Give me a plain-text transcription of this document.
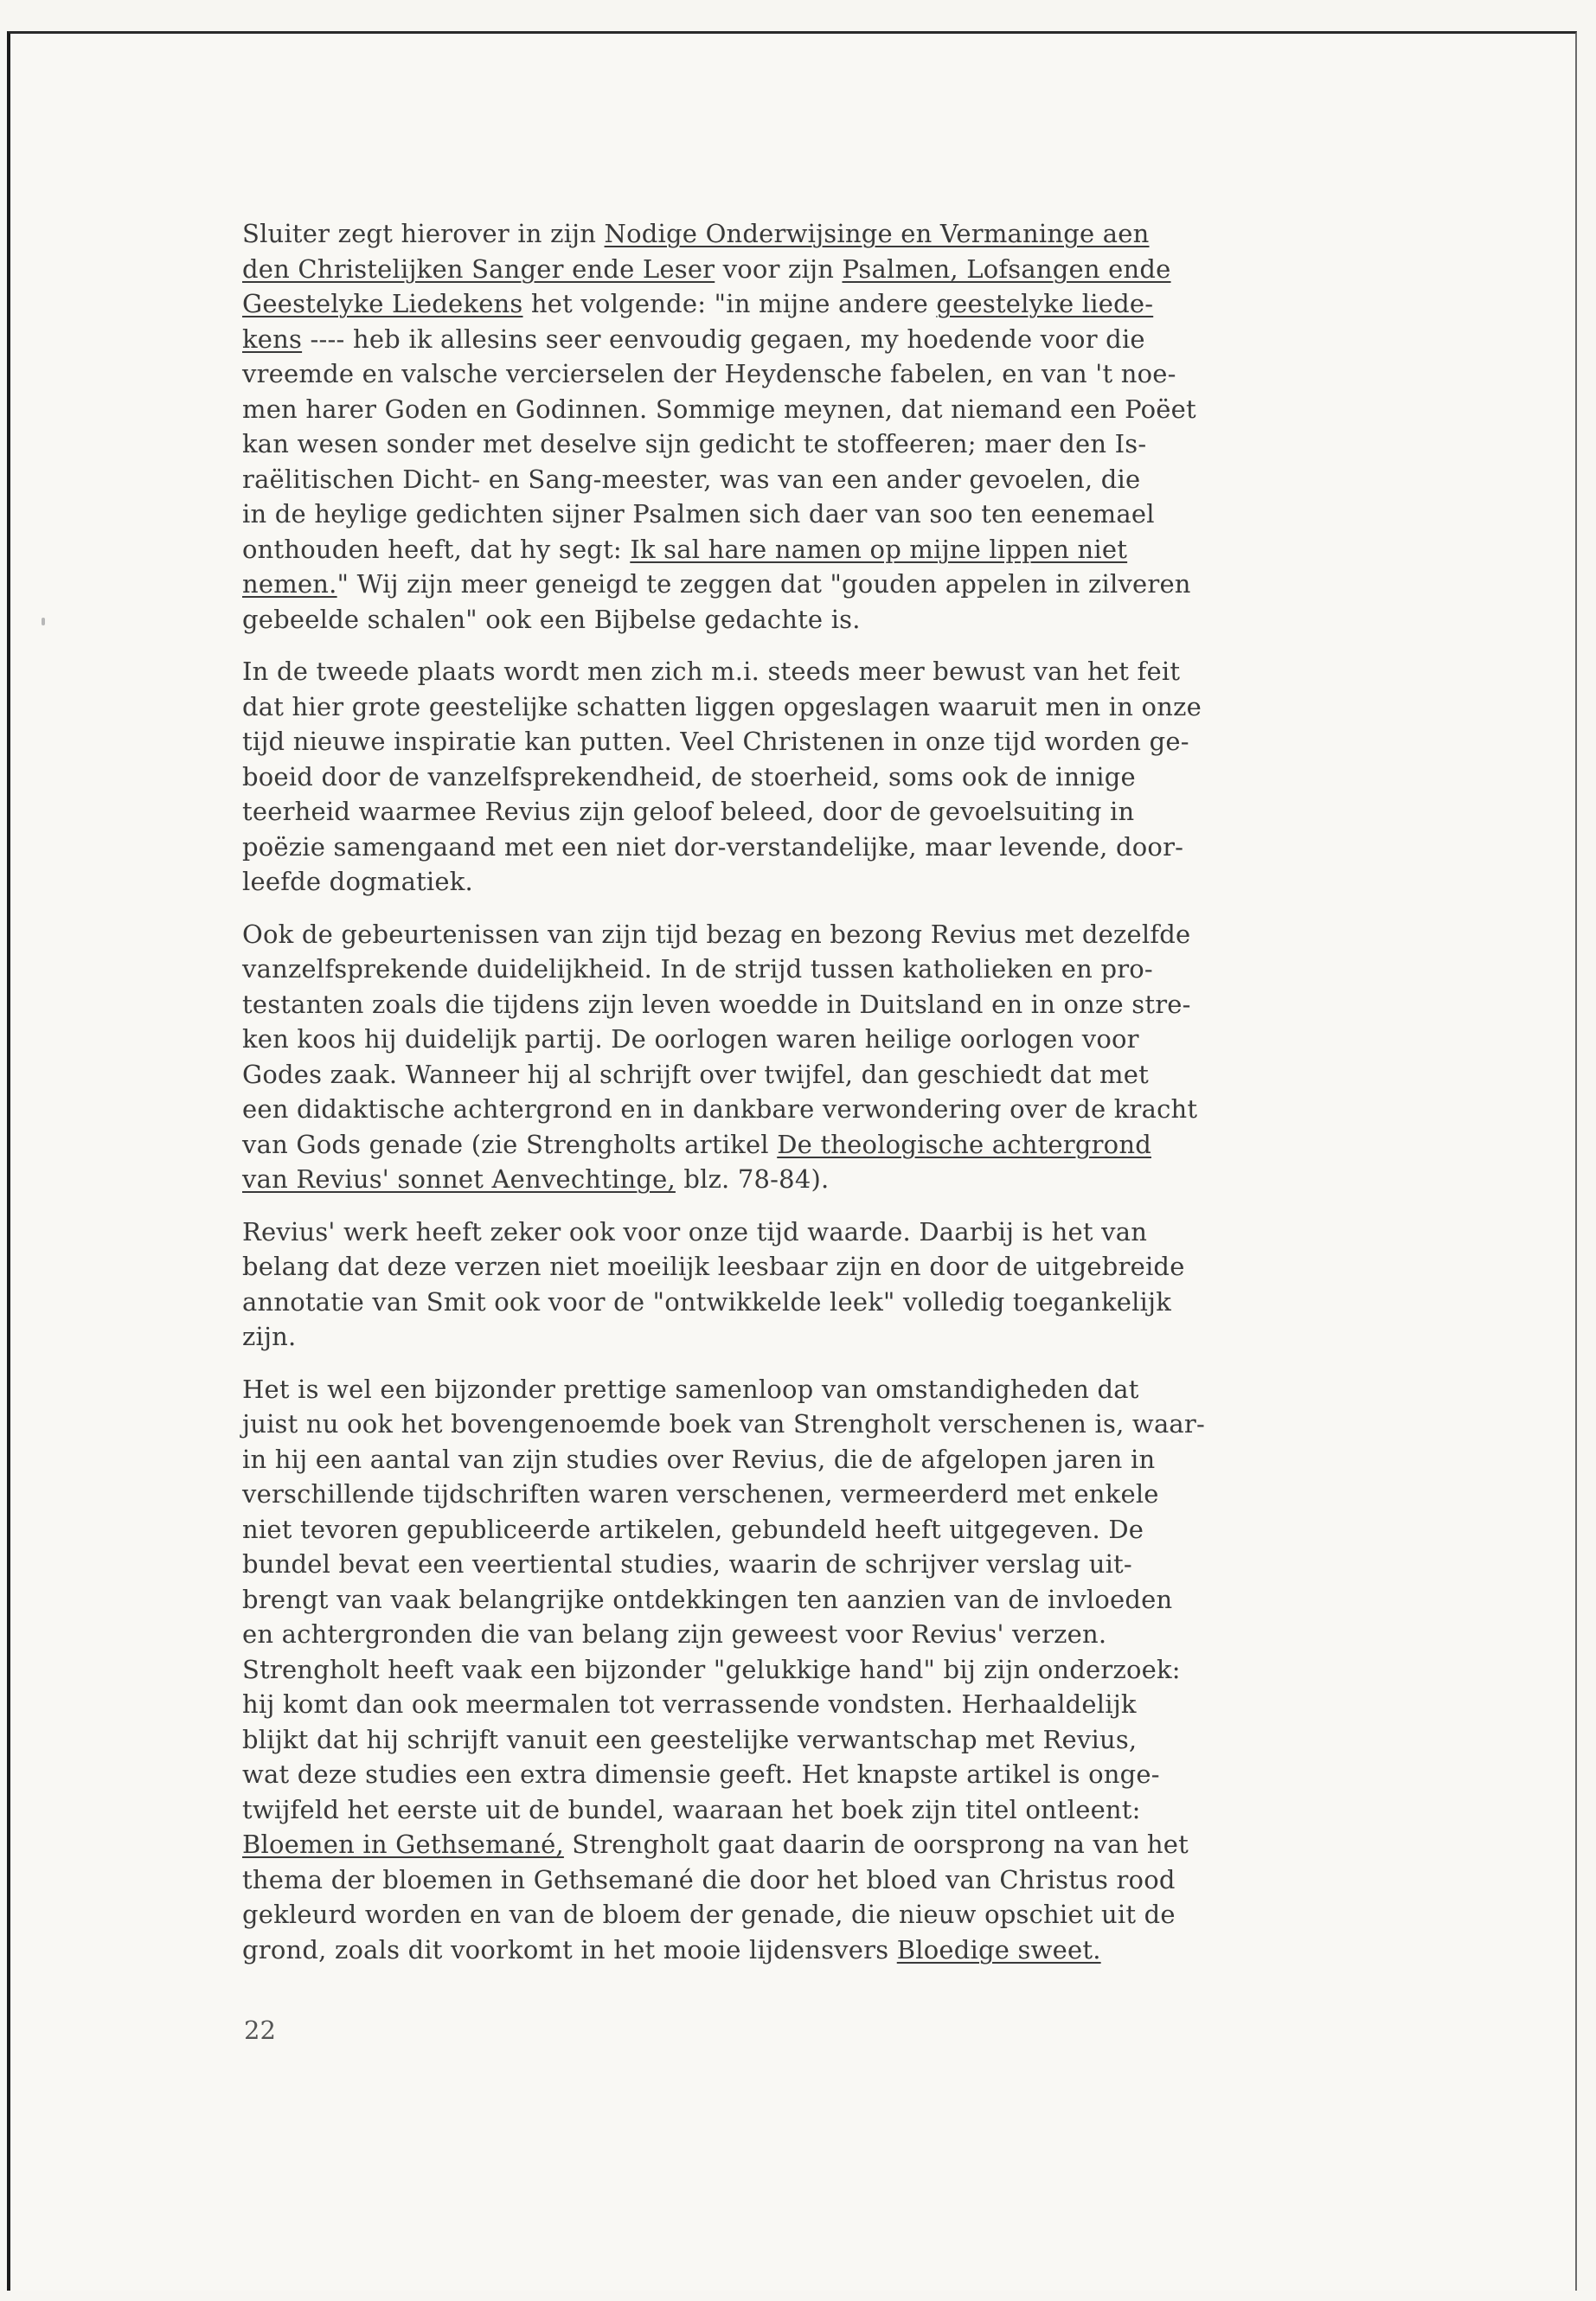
Sluiter zegt hierover in zijn Nodige Onderwijsinge en Vermaninge aen
den Christelijken Sanger ende Leser voor zijn Psalmen, Lofsangen ende
Geestelyke Liedekens het volgende: "in mijne andere geestelyke liede-
kens ---- heb ik allesins seer eenvoudig gegaen, my hoedende voor die
vreemde en valsche vercierselen der Heydensche fabelen, en van 't noe-
men harer Goden en Godinnen. Sommige meynen, dat niemand een Poëet
kan wesen sonder met deselve sijn gedicht te stoffeeren; maer den Is-
raëlitischen Dicht- en Sang-meester, was van een ander gevoelen, die
in de heylige gedichten sijner Psalmen sich daer van soo ten eenemael
onthouden heeft, dat hy segt: Ik sal hare namen op mijne lippen niet
nemen." Wij zijn meer geneigd te zeggen dat "gouden appelen in zilveren
gebeelde schalen" ook een Bijbelse gedachte is.
In de tweede plaats wordt men zich m.i. steeds meer bewust van het feit
dat hier grote geestelijke schatten liggen opgeslagen waaruit men in onze
tijd nieuwe inspiratie kan putten. Veel Christenen in onze tijd worden ge-
boeid door de vanzelfsprekendheid, de stoerheid, soms ook de innige
teerheid waarmee Revius zijn geloof beleed, door de gevoelsuiting in
poëzie samengaand met een niet dor-verstandelijke, maar levende, door-
leefde dogmatiek.
Ook de gebeurtenissen van zijn tijd bezag en bezong Revius met dezelfde
vanzelfsprekende duidelijkheid. In de strijd tussen katholieken en pro-
testanten zoals die tijdens zijn leven woedde in Duitsland en in onze stre-
ken koos hij duidelijk partij. De oorlogen waren heilige oorlogen voor
Godes zaak. Wanneer hij al schrijft over twijfel, dan geschiedt dat met
een didaktische achtergrond en in dankbare verwondering over de kracht
van Gods genade (zie Strengholts artikel De theologische achtergrond
van Revius' sonnet Aenvechtinge, blz. 78-84).
Revius' werk heeft zeker ook voor onze tijd waarde. Daarbij is het van
belang dat deze verzen niet moeilijk leesbaar zijn en door de uitgebreide
annotatie van Smit ook voor de "ontwikkelde leek" volledig toegankelijk
zijn.
Het is wel een bijzonder prettige samenloop van omstandigheden dat
juist nu ook het bovengenoemde boek van Strengholt verschenen is, waar-
in hij een aantal van zijn studies over Revius, die de afgelopen jaren in
verschillende tijdschriften waren verschenen, vermeerderd met enkele
niet tevoren gepubliceerde artikelen, gebundeld heeft uitgegeven. De
bundel bevat een veertiental studies, waarin de schrijver verslag uit-
brengt van vaak belangrijke ontdekkingen ten aanzien van de invloeden
en achtergronden die van belang zijn geweest voor Revius' verzen.
Strengholt heeft vaak een bijzonder "gelukkige hand" bij zijn onderzoek:
hij komt dan ook meermalen tot verrassende vondsten. Herhaaldelijk
blijkt dat hij schrijft vanuit een geestelijke verwantschap met Revius,
wat deze studies een extra dimensie geeft. Het knapste artikel is onge-
twijfeld het eerste uit de bundel, waaraan het boek zijn titel ontleent:
Bloemen in Gethsemané, Strengholt gaat daarin de oorsprong na van het
thema der bloemen in Gethsemané die door het bloed van Christus rood
gekleurd worden en van de bloem der genade, die nieuw opschiet uit de
grond, zoals dit voorkomt in het mooie lijdensvers Bloedige sweet.
22
